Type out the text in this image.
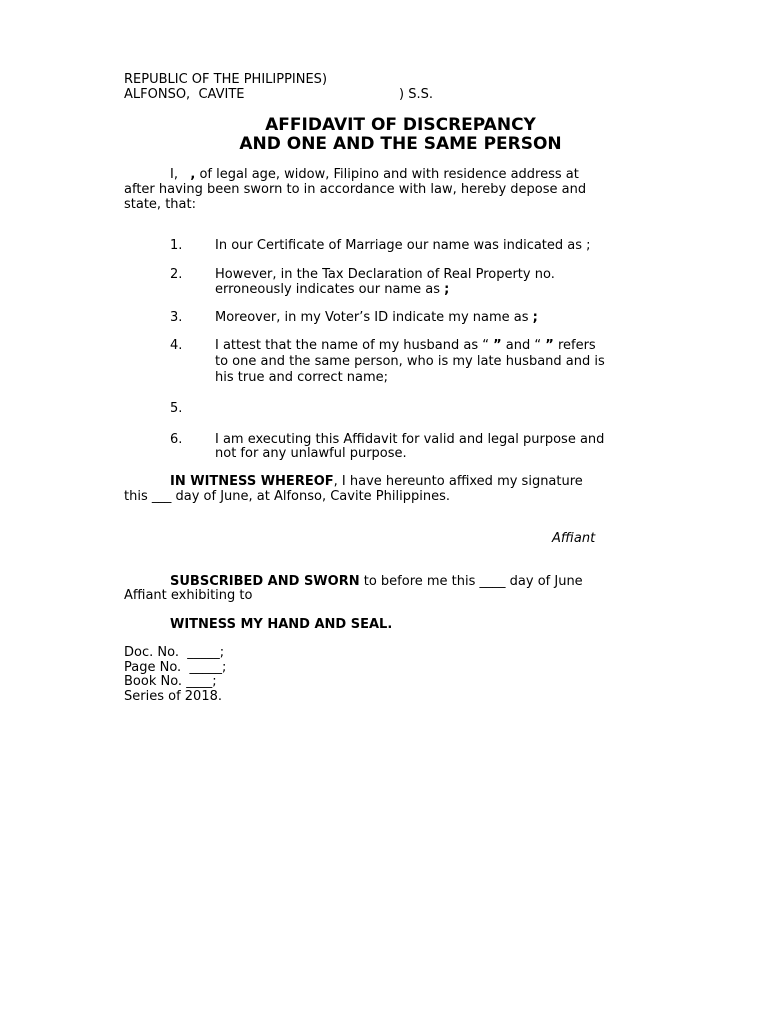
REPUBLIC OF THE PHILIPPINES)
ALFONSO,  CAVITE	) S.S.
AFFIDAVIT OF DISCREPANCY
AND ONE AND THE SAME PERSON
I, , of legal age, widow, Filipino and with residence address at
after having been sworn to in accordance with law, hereby depose and
state, that:
1.	In our Certificate of Marriage our name was indicated as ;
2.	However, in the Tax Declaration of Real Property no.
erroneously indicates our name as ;
3.	Moreover, in my Voter’s ID indicate my name as ;
4.	I attest that the name of my husband as “ ” and “ ” refers
to one and the same person, who is my late husband and is
his true and correct name;
5.
6.	I am executing this Affidavit for valid and legal purpose and
not for any unlawful purpose.
IN WITNESS WHEREOF, I have hereunto affixed my signature
this ___ day of June, at Alfonso, Cavite Philippines.
Affiant
SUBSCRIBED AND SWORN to before me this ____ day of June
Affiant exhibiting to
WITNESS MY HAND AND SEAL.
Doc. No.  _____;
Page No.  _____;
Book No. ____;
Series of 2018.
